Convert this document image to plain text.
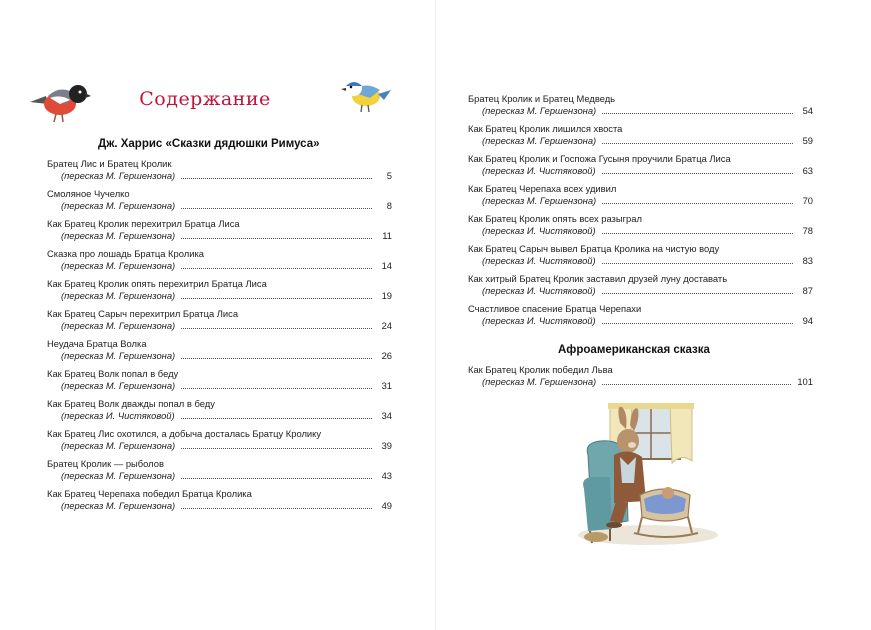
Содержание
Дж. Харрис «Сказки дядюшки Римуса»
Братец Лис и Братец Кролик
(пересказ М. Гершензона)	5
Смоляное Чучелко
(пересказ М. Гершензона)	8
Как Братец Кролик перехитрил Братца Лиса
(пересказ М. Гершензона)	11
Сказка про лошадь Братца Кролика
(пересказ М. Гершензона)	14
Как Братец Кролик опять перехитрил Братца Лиса
(пересказ М. Гершензона)	19
Как Братец Сарыч перехитрил Братца Лиса
(пересказ М. Гершензона)	24
Неудача Братца Волка
(пересказ М. Гершензона)	26
Как Братец Волк попал в беду
(пересказ М. Гершензона)	31
Как Братец Волк дважды попал в беду
(пересказ И. Чистяковой)	34
Как Братец Лис охотился, а добыча досталась Братцу Кролику
(пересказ М. Гершензона)	39
Братец Кролик — рыболов
(пересказ М. Гершензона)	43
Как Братец Черепаха победил Братца Кролика
(пересказ М. Гершензона)	49
Братец Кролик и Братец Медведь
(пересказ М. Гершензона)	54
Как Братец Кролик лишился хвоста
(пересказ М. Гершензона)	59
Как Братец Кролик и Госпожа Гусыня проучили Братца Лиса
(пересказ И. Чистяковой)	63
Как Братец Черепаха всех удивил
(пересказ М. Гершензона)	70
Как Братец Кролик опять всех разыграл
(пересказ И. Чистяковой)	78
Как Братец Сарыч вывел Братца Кролика на чистую воду
(пересказ И. Чистяковой)	83
Как хитрый Братец Кролик заставил друзей луну доставать
(пересказ И. Чистяковой)	87
Счастливое спасение Братца Черепахи
(пересказ И. Чистяковой)	94
Афроамериканская сказка
Как Братец Кролик победил Льва
(пересказ М. Гершензона)	101
